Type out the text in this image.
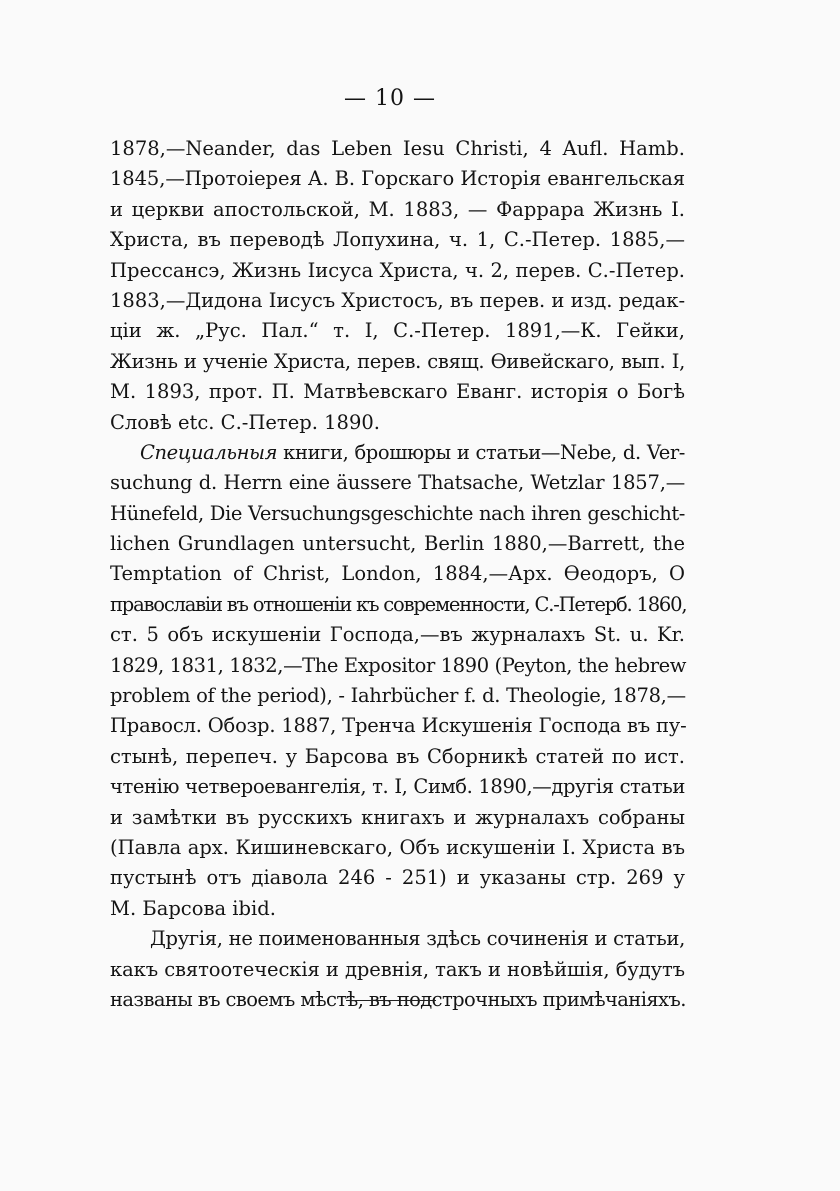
— 10 —
1878,—Neander, das Leben Iesu Christi, 4 Aufl. Hamb.
1845,—Протоіерея А. В. Горскаго Исторія евангельская
и церкви апостольской, М. 1883, — Фаррара Жизнь I.
Христа, въ переводѣ Лопухина, ч. 1, С.-Петер. 1885,—
Прессансэ, Жизнь Іисуса Христа, ч. 2, перев. С.-Петер.
1883,—Дидона Іисусъ Христосъ, въ перев. и изд. редак-
ціи ж. „Рус. Пал.“ т. I, С.-Петер. 1891,—К. Гейки,
Жизнь и ученіе Христа, перев. свящ. Ѳивейскаго, вып. I,
М. 1893, прот. П. Матвѣевскаго Еванг. исторія о Богѣ
Словѣ etc. С.-Петер. 1890.
Специальныя книги, брошюры и статьи—Nebe, d. Ver-
suchung d. Herrn eine äussere Thatsache, Wetzlar 1857,—
Hünefeld, Die Versuchungsgeschichte nach ihren geschicht-
lichen Grundlagen untersucht, Berlin 1880,—Barrett, the
Temptation of Christ, London, 1884,—Арх. Ѳеодоръ, О
православіи въ отношеніи къ современности, С.-Петерб. 1860,
ст. 5 объ искушеніи Господа,—въ журналахъ St. u. Kr.
1829, 1831, 1832,—The Expositor 1890 (Peyton, the hebrew
problem of the period), - Iahrbücher f. d. Theologie, 1878,—
Правосл. Обозр. 1887, Тренча Искушенія Господа въ пу-
стынѣ, перепеч. у Барсова въ Сборникѣ статей по ист.
чтенію четвероевангелія, т. I, Симб. 1890,—другія статьи
и замѣтки въ русскихъ книгахъ и журналахъ собраны
(Павла арх. Кишиневскаго, Объ искушеніи I. Христа въ
пустынѣ отъ діавола 246 - 251) и указаны стр. 269 у
М. Барсова ibid.
Другія, не поименованныя здѣсь сочиненія и статьи,
какъ святоотеческія и древнія, такъ и новѣйшія, будутъ
названы въ своемъ мѣстѣ, въ подстрочныхъ примѣчаніяхъ.
